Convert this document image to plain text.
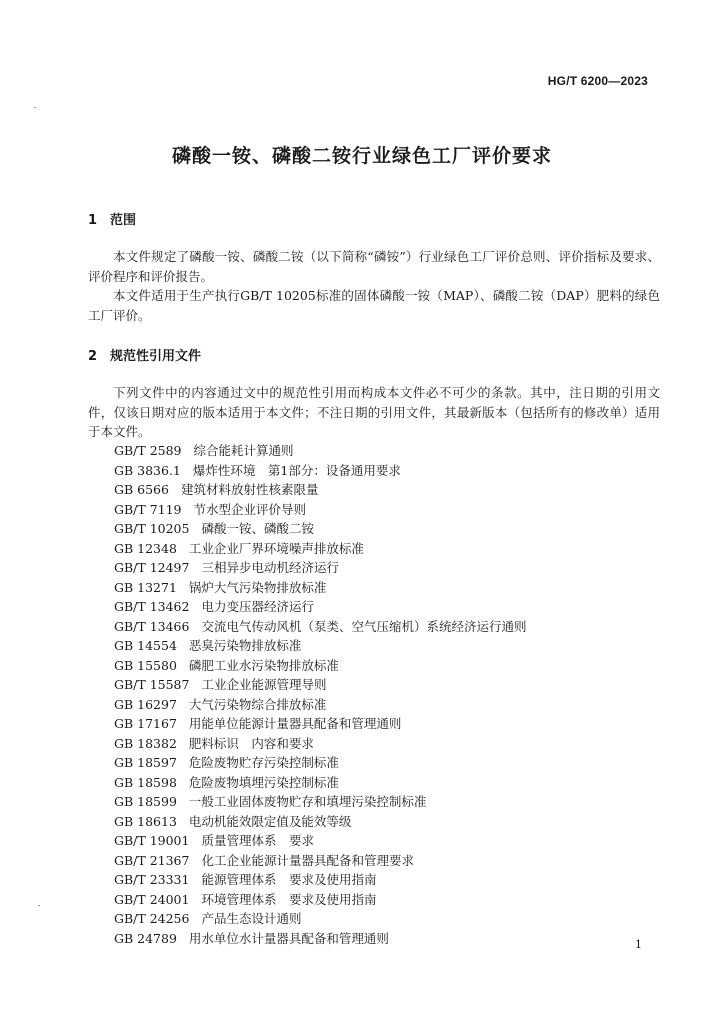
HG/T 6200—2023
磷酸一铵、磷酸二铵行业绿色工厂评价要求
1 范围

本文件规定了磷酸一铵、磷酸二铵（以下简称“磷铵”）行业绿色工厂评价总则、评价指标及要求、评价程序和评价报告。

本文件适用于生产执行GB/T 10205标准的固体磷酸一铵（MAP）、磷酸二铵（DAP）肥料的绿色工厂评价。

2 规范性引用文件

下列文件中的内容通过文中的规范性引用而构成本文件必不可少的条款。其中，注日期的引用文件，仅该日期对应的版本适用于本文件；不注日期的引用文件，其最新版本（包括所有的修改单）适用于本文件。

GB/T 2589 综合能耗计算通则
GB 3836.1 爆炸性环境　第1部分：设备通用要求
GB 6566 建筑材料放射性核素限量
GB/T 7119 节水型企业评价导则
GB/T 10205 磷酸一铵、磷酸二铵
GB 12348 工业企业厂界环境噪声排放标准
GB/T 12497 三相异步电动机经济运行
GB 13271 锅炉大气污染物排放标准
GB/T 13462 电力变压器经济运行
GB/T 13466 交流电气传动风机（泵类、空气压缩机）系统经济运行通则
GB 14554 恶臭污染物排放标准
GB 15580 磷肥工业水污染物排放标准
GB/T 15587 工业企业能源管理导则
GB 16297 大气污染物综合排放标准
GB 17167 用能单位能源计量器具配备和管理通则
GB 18382 肥料标识　内容和要求
GB 18597 危险废物贮存污染控制标准
GB 18598 危险废物填埋污染控制标准
GB 18599 一般工业固体废物贮存和填埋污染控制标准
GB 18613 电动机能效限定值及能效等级
GB/T 19001 质量管理体系　要求
GB/T 21367 化工企业能源计量器具配备和管理要求
GB/T 23331 能源管理体系　要求及使用指南
GB/T 24001 环境管理体系　要求及使用指南
GB/T 24256 产品生态设计通则
GB 24789 用水单位水计量器具配备和管理通则	1
